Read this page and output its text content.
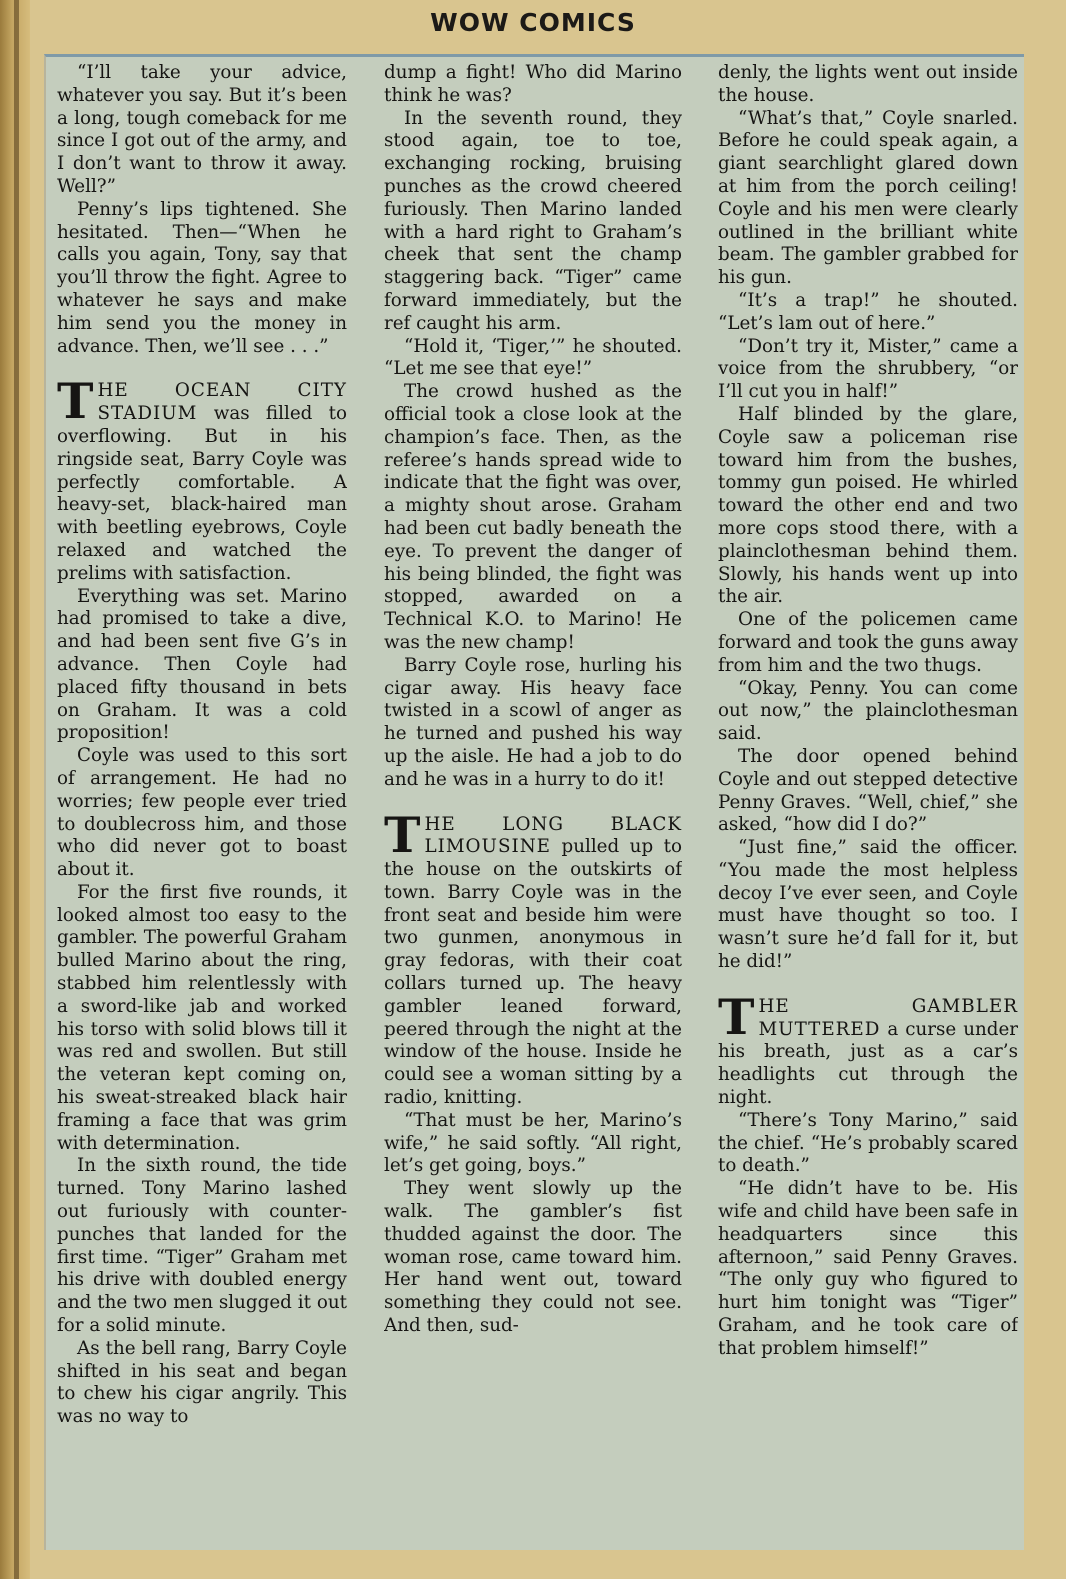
WOW COMICS

“I’ll take your advice, whatever you say. But it’s been a long, tough comeback for me since I got out of the army, and I don’t want to throw it away. Well?”

Penny’s lips tightened. She hesitated. Then—“When he calls you again, Tony, say that you’ll throw the fight. Agree to whatever he says and make him send you the money in advance. Then, we’ll see . . .”

THE OCEAN CITY STADIUM was filled to overflowing. But in his ringside seat, Barry Coyle was perfectly comfortable. A heavy-set, black-haired man with beetling eyebrows, Coyle relaxed and watched the prelims with satisfaction.

Everything was set. Marino had promised to take a dive, and had been sent five G’s in advance. Then Coyle had placed fifty thousand in bets on Graham. It was a cold proposition!

Coyle was used to this sort of arrangement. He had no worries; few people ever tried to doublecross him, and those who did never got to boast about it.

For the first five rounds, it looked almost too easy to the gambler. The powerful Graham bulled Marino about the ring, stabbed him relentlessly with a sword-like jab and worked his torso with solid blows till it was red and swollen. But still the veteran kept coming on, his sweat-streaked black hair framing a face that was grim with determination.

In the sixth round, the tide turned. Tony Marino lashed out furiously with counter-punches that landed for the first time. “Tiger” Graham met his drive with doubled energy and the two men slugged it out for a solid minute.

As the bell rang, Barry Coyle shifted in his seat and began to chew his cigar angrily. This was no way to

dump a fight! Who did Marino think he was?

In the seventh round, they stood again, toe to toe, exchanging rocking, bruising punches as the crowd cheered furiously. Then Marino landed with a hard right to Graham’s cheek that sent the champ staggering back. “Tiger” came forward immediately, but the ref caught his arm.

“Hold it, ‘Tiger,’” he shouted. “Let me see that eye!”

The crowd hushed as the official took a close look at the champion’s face. Then, as the referee’s hands spread wide to indicate that the fight was over, a mighty shout arose. Graham had been cut badly beneath the eye. To prevent the danger of his being blinded, the fight was stopped, awarded on a Technical K.O. to Marino! He was the new champ!

Barry Coyle rose, hurling his cigar away. His heavy face twisted in a scowl of anger as he turned and pushed his way up the aisle. He had a job to do and he was in a hurry to do it!

THE LONG BLACK LIMOUSINE pulled up to the house on the outskirts of town. Barry Coyle was in the front seat and beside him were two gunmen, anonymous in gray fedoras, with their coat collars turned up. The heavy gambler leaned forward, peered through the night at the window of the house. Inside he could see a woman sitting by a radio, knitting.

“That must be her, Marino’s wife,” he said softly. “All right, let’s get going, boys.”

They went slowly up the walk. The gambler’s fist thudded against the door. The woman rose, came toward him. Her hand went out, toward something they could not see. And then, sud-

denly, the lights went out inside the house.

“What’s that,” Coyle snarled. Before he could speak again, a giant searchlight glared down at him from the porch ceiling! Coyle and his men were clearly outlined in the brilliant white beam. The gambler grabbed for his gun.

“It’s a trap!” he shouted. “Let’s lam out of here.”

“Don’t try it, Mister,” came a voice from the shrubbery, “or I’ll cut you in half!”

Half blinded by the glare, Coyle saw a policeman rise toward him from the bushes, tommy gun poised. He whirled toward the other end and two more cops stood there, with a plainclothesman behind them. Slowly, his hands went up into the air.

One of the policemen came forward and took the guns away from him and the two thugs.

“Okay, Penny. You can come out now,” the plainclothesman said.

The door opened behind Coyle and out stepped detective Penny Graves. “Well, chief,” she asked, “how did I do?”

“Just fine,” said the officer. “You made the most helpless decoy I’ve ever seen, and Coyle must have thought so too. I wasn’t sure he’d fall for it, but he did!”

THE GAMBLER MUTTERED a curse under his breath, just as a car’s headlights cut through the night.

“There’s Tony Marino,” said the chief. “He’s probably scared to death.”

“He didn’t have to be. His wife and child have been safe in headquarters since this afternoon,” said Penny Graves. “The only guy who figured to hurt him tonight was “Tiger” Graham, and he took care of that problem himself!”
